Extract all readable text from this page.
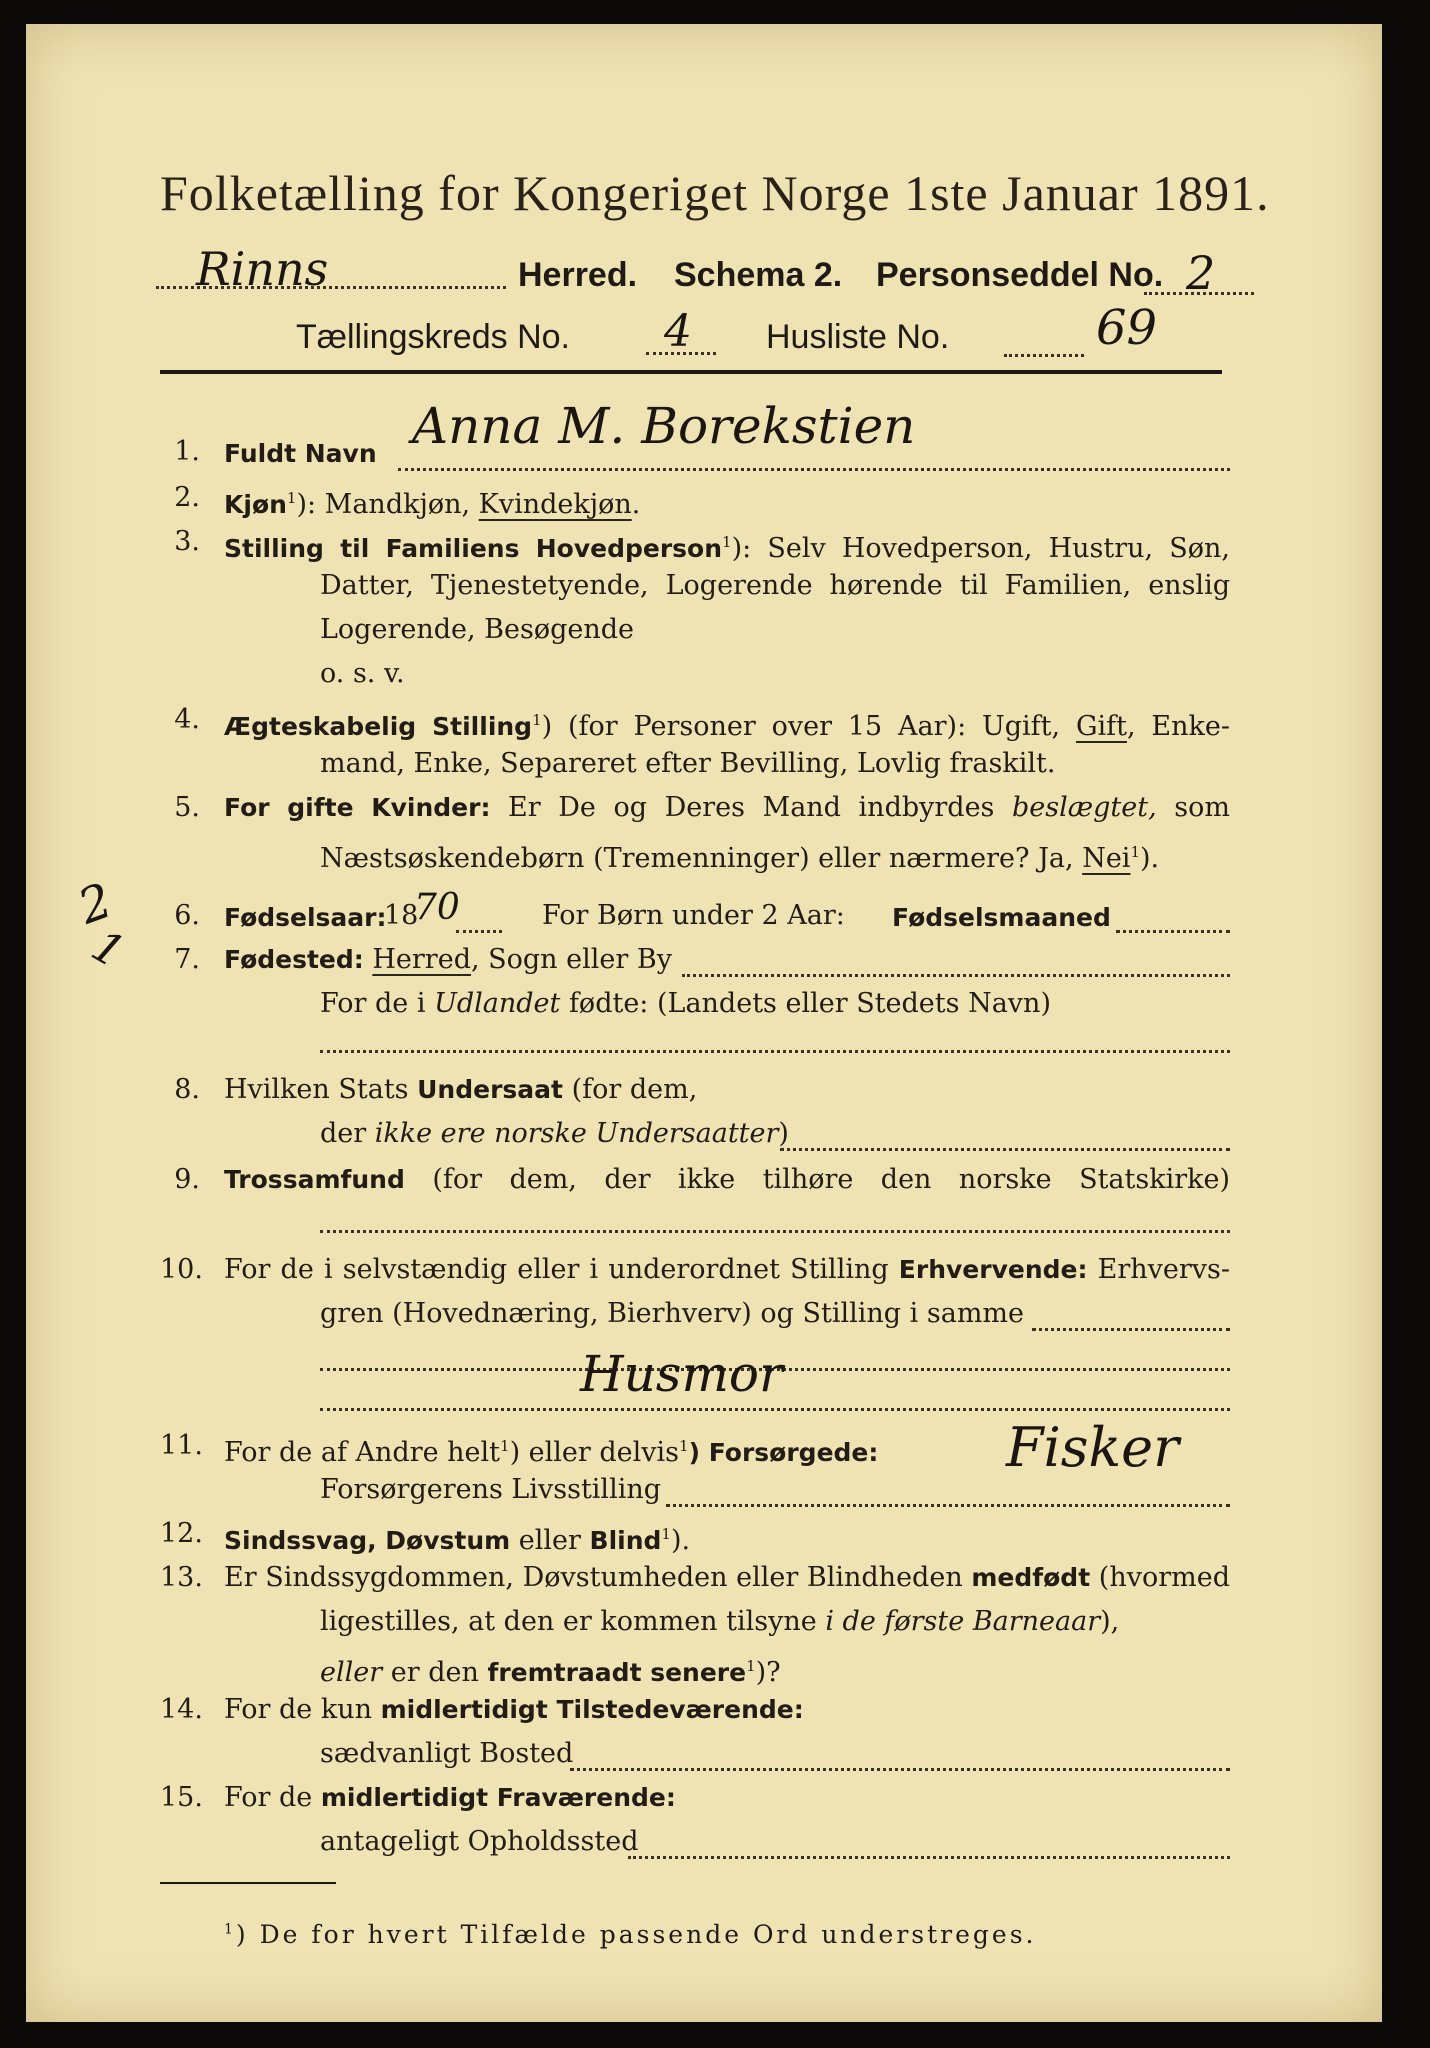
Folketælling for Kongeriget Norge 1ste Januar 1891.
Rinns	Herred. Schema 2. Personseddel No. 2
Tællingskreds No. 4 Husliste No.	69
1. Fuldt Navn Anna M. Borekstien
2. Kjøn$^1$): Mandkjøn, Kvindekjøn.
3. Stilling til Familiens Hovedperson$^1$): Selv Hovedperson, Hustru, Søn,
Datter, Tjenestetyende, Logerende hørende til Familien, enslig
Logerende, Besøgende
o. s. v.
4. Ægteskabelig Stilling$^1$) (for Personer over 15 Aar): Ugift, Gift, Enke-
mand, Enke, Separeret efter Bevilling, Lovlig fraskilt.
5. For gifte Kvinder: Er De og Deres Mand indbyrdes beslægtet, som
Næstsøskendebørn (Tremenninger) eller nærmere? Ja, Nei$^1$).
2
1
6. Fødselsaar:
18
70	For Børn under 2 Aar: Fødselsmaaned
7. Fødested: Herred, Sogn eller By
For de i Udlandet fødte: (Landets eller Stedets Navn)
8. Hvilken Stats Undersaat (for dem,
der ikke ere norske Undersaatter)
9. Trossamfund (for dem, der ikke tilhøre den norske Statskirke)
10. For de i selvstændig eller i underordnet Stilling Erhvervende: Erhvervs-
gren (Hovednæring, Bierhverv) og Stilling i samme
Husmor
11. For de af Andre helt$^1$) eller delvis$^1$) Forsørgede:
Forsørgerens Livsstilling
Fisker
12. Sindssvag, Døvstum eller Blind$^1$).
13. Er Sindssygdommen, Døvstumheden eller Blindheden medfødt (hvormed
ligestilles, at den er kommen tilsyne i de første Barneaar),
eller er den fremtraadt senere$^1$)?
14. For de kun midlertidigt Tilstedeværende:
sædvanligt Bosted
15. For de midlertidigt Fraværende:
antageligt Opholdssted
$^1$) De for hvert Tilfælde passende Ord understreges.
